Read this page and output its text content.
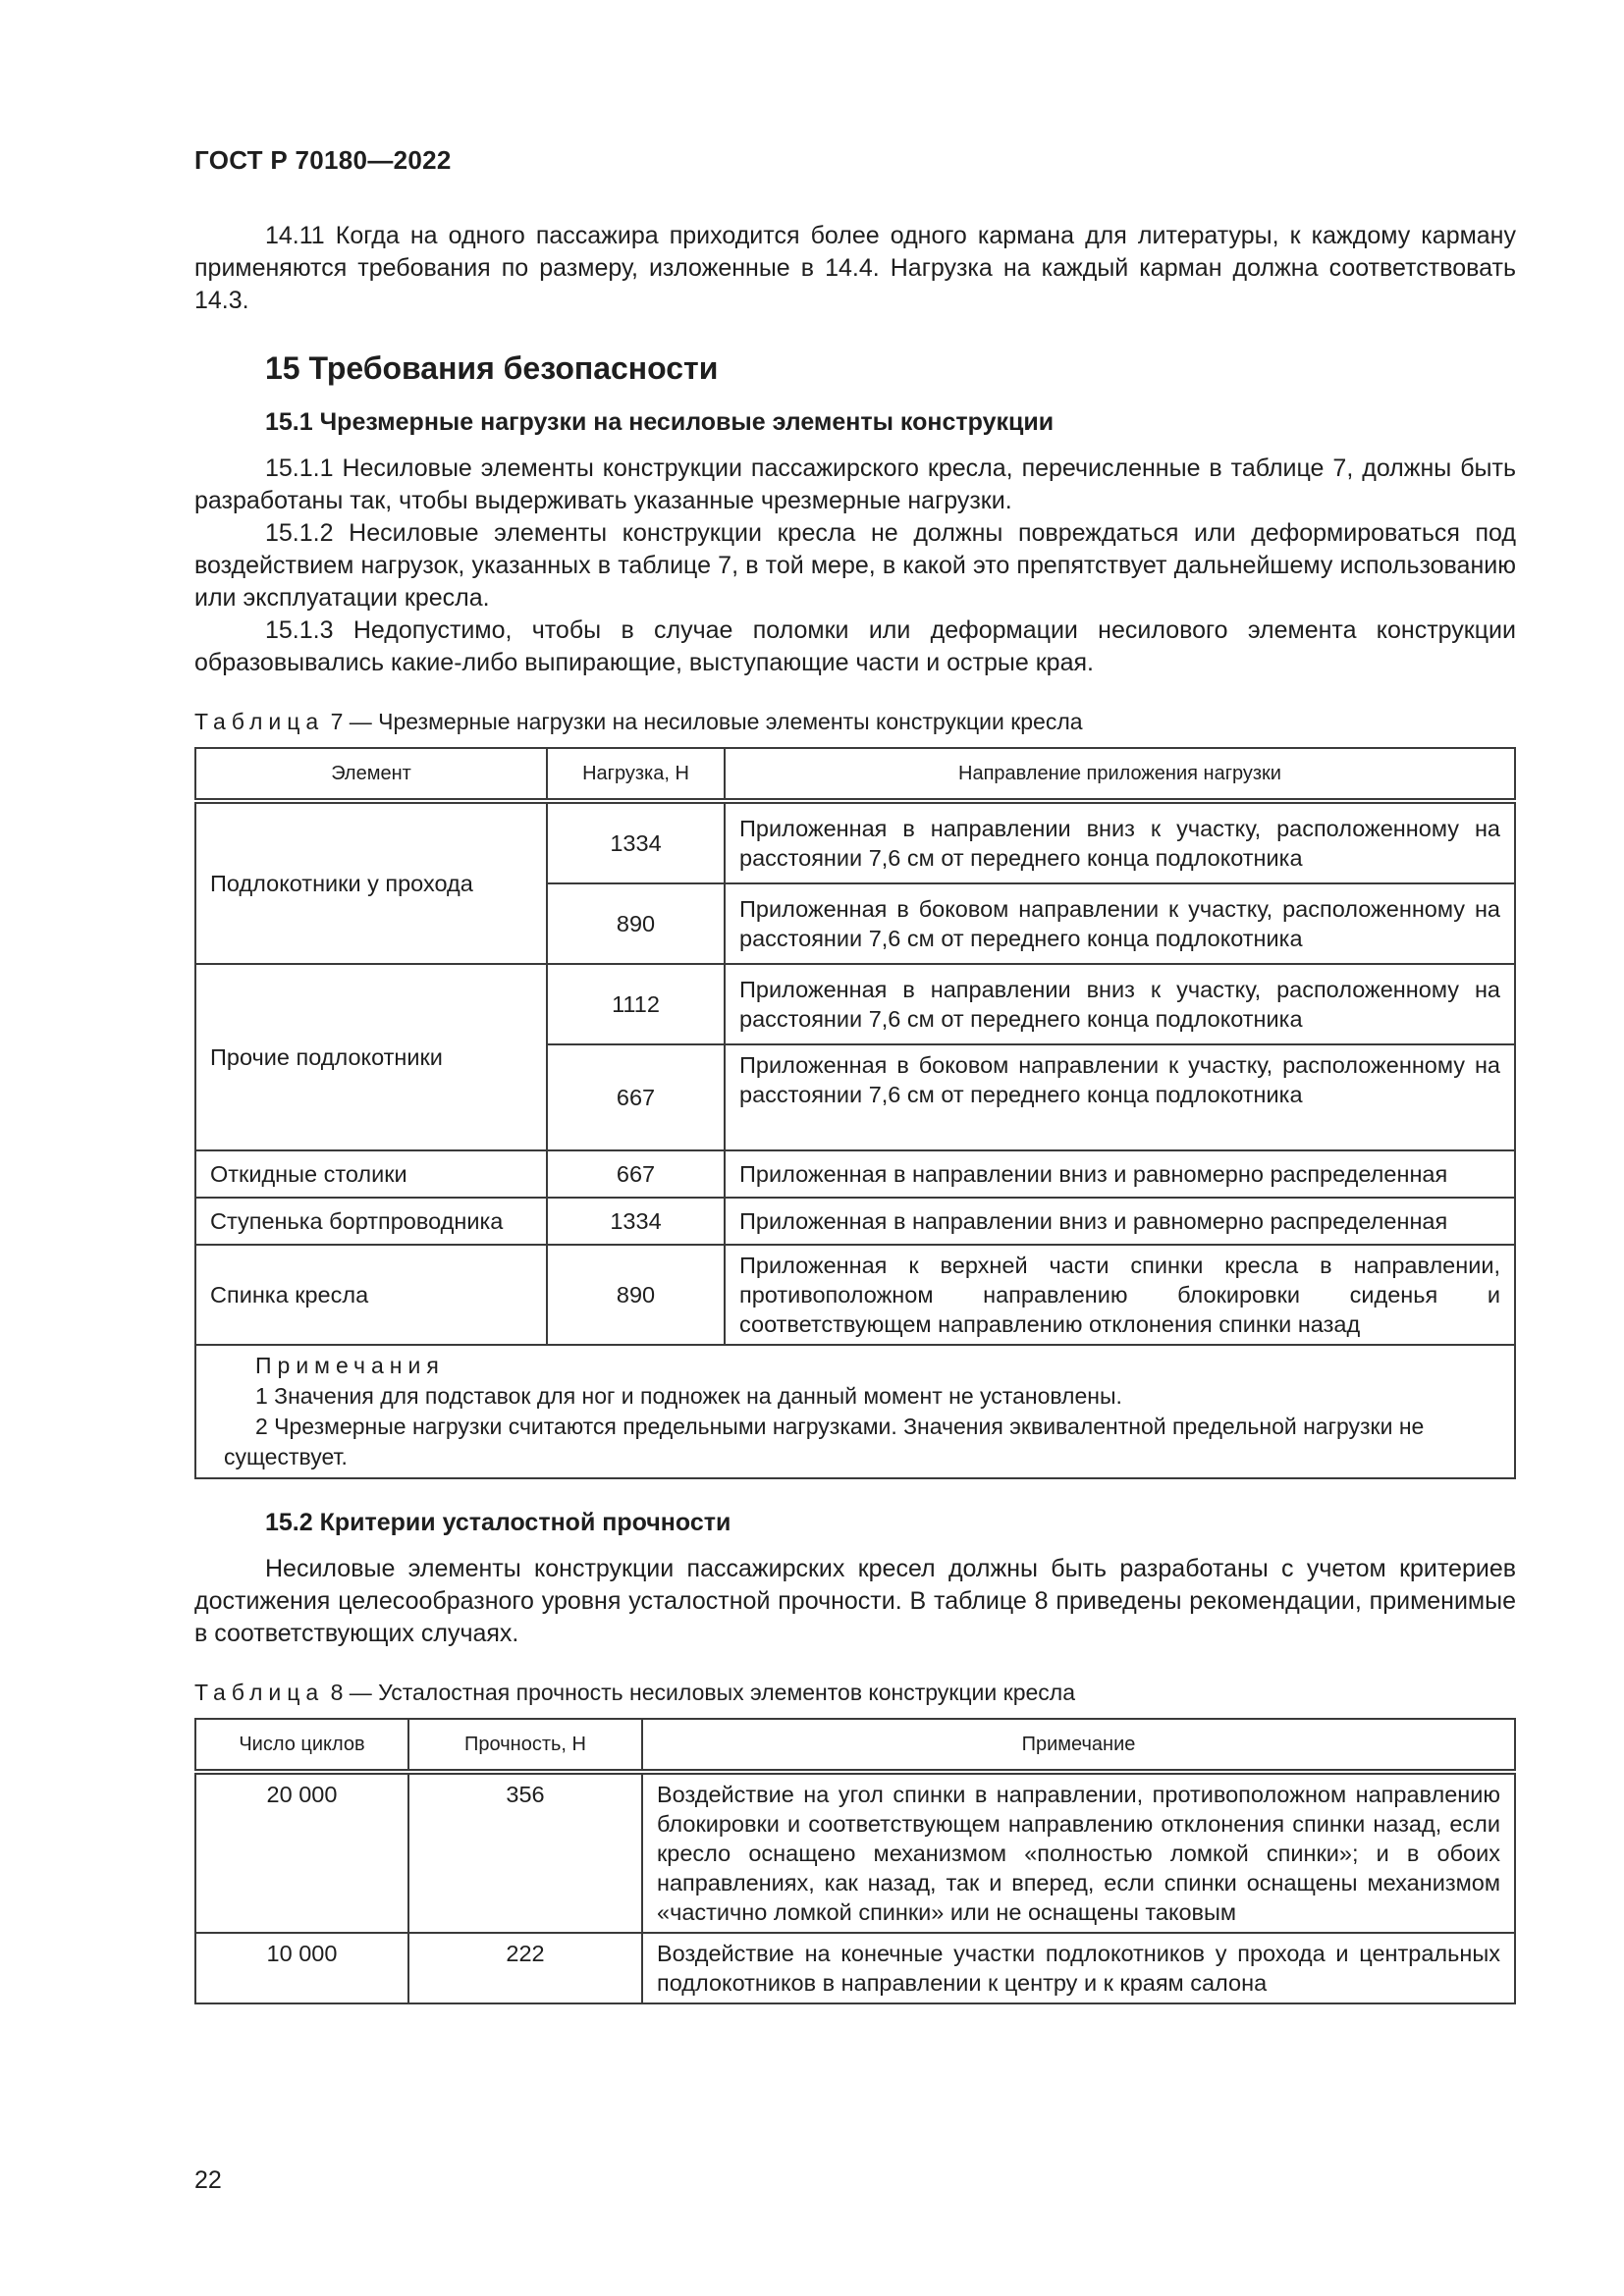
ГОСТ Р 70180—2022

14.11 Когда на одного пассажира приходится более одного кармана для литературы, к каждому карману применяются требования по размеру, изложенные в 14.4. Нагрузка на каждый карман должна соответствовать 14.3.

15 Требования безопасности
15.1 Чрезмерные нагрузки на несиловые элементы конструкции

15.1.1 Несиловые элементы конструкции пассажирского кресла, перечисленные в таблице 7, должны быть разработаны так, чтобы выдерживать указанные чрезмерные нагрузки.

15.1.2 Несиловые элементы конструкции кресла не должны повреждаться или деформироваться под воздействием нагрузок, указанных в таблице 7, в той мере, в какой это препятствует дальнейшему использованию или эксплуатации кресла.

15.1.3 Недопустимо, чтобы в случае поломки или деформации несилового элемента конструкции образовывались какие-либо выпирающие, выступающие части и острые края.

Таблица 7 — Чрезмерные нагрузки на несиловые элементы конструкции кресла
Элемент	Нагрузка, Н	Направление приложения нагрузки
Подлокотники у прохода	1334	Приложенная в направлении вниз к участку, расположенному на расстоянии 7,6 см от переднего конца подлокотника
	890	Приложенная в боковом направлении к участку, расположенному на расстоянии 7,6 см от переднего конца подлокотника
Прочие подлокотники	1112	Приложенная в направлении вниз к участку, расположенному на расстоянии 7,6 см от переднего конца подлокотника
	667	Приложенная в боковом направлении к участку, расположенному на расстоянии 7,6 см от переднего конца подлокотника
Откидные столики	667	Приложенная в направлении вниз и равномерно распределенная
Ступенька бортпроводника	1334	Приложенная в направлении вниз и равномерно распределенная
Спинка кресла	890	Приложенная к верхней части спинки кресла в направлении, противоположном направлению блокировки сиденья и соответствующем направлению отклонения спинки назад

Примечания
1 Значения для подставок для ног и подножек на данный момент не установлены.
2 Чрезмерные нагрузки считаются предельными нагрузками. Значения эквивалентной предельной нагрузки не существует.		
15.2 Критерии усталостной прочности

Несиловые элементы конструкции пассажирских кресел должны быть разработаны с учетом критериев достижения целесообразного уровня усталостной прочности. В таблице 8 приведены рекомендации, применимые в соответствующих случаях.

Таблица 8 — Усталостная прочность несиловых элементов конструкции кресла
Число циклов	Прочность, Н	Примечание
20 000	356	Воздействие на угол спинки в направлении, противоположном направлению блокировки и соответствующем направлению отклонения спинки назад, если кресло оснащено механизмом «полностью ломкой спинки»; и в обоих направлениях, как назад, так и вперед, если спинки оснащены механизмом «частично ломкой спинки» или не оснащены таковым
10 000	222	Воздействие на конечные участки подлокотников у прохода и центральных подлокотников в направлении к центру и к краям салона
22
